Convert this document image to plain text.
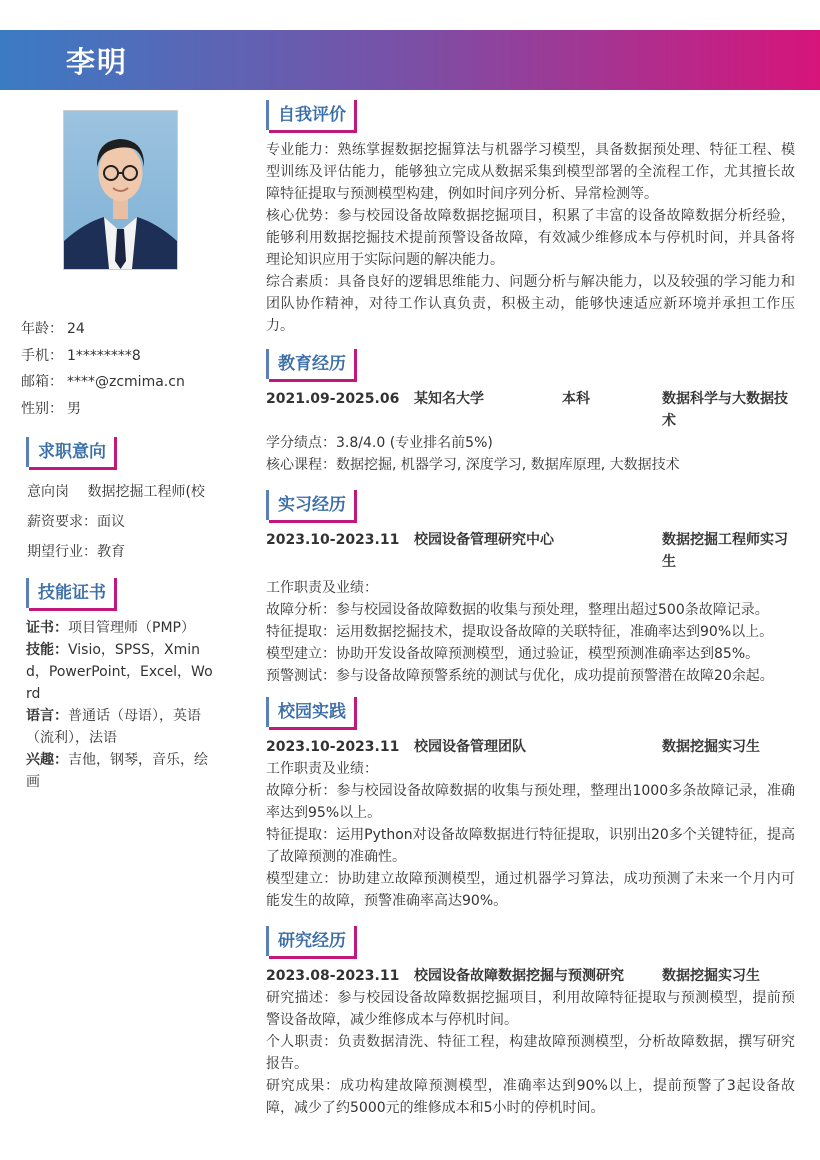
李明
年龄： 24
手机： 1********8
邮箱： ****@zcmima.cn
性别： 男
求职意向
意向岗　 数据挖掘工程师(校
薪资要求：面议
期望行业：教育
技能证书
证书：项目管理师（PMP）
技能：Visio，SPSS，Xmind，PowerPoint，Excel，Word
语言：普通话（母语），英语（流利），法语
兴趣：吉他，钢琴，音乐，绘画
自我评价
专业能力：熟练掌握数据挖掘算法与机器学习模型，具备数据预处理、特征工程、模型训练及评估能力，能够独立完成从数据采集到模型部署的全流程工作，尤其擅长故障特征提取与预测模型构建，例如时间序列分析、异常检测等。
核心优势：参与校园设备故障数据挖掘项目，积累了丰富的设备故障数据分析经验，能够利用数据挖掘技术提前预警设备故障，有效减少维修成本与停机时间，并具备将理论知识应用于实际问题的解决能力。
综合素质：具备良好的逻辑思维能力、问题分析与解决能力，以及较强的学习能力和团队协作精神，对待工作认真负责，积极主动，能够快速适应新环境并承担工作压力。
教育经历
2021.09-2025.06 某知名大学	本科	数据科学与大数据技术
学分绩点：3.8/4.0 (专业排名前5%)
核心课程：数据挖掘, 机器学习, 深度学习, 数据库原理, 大数据技术
实习经历
2023.10-2023.11 校园设备管理研究中心	数据挖掘工程师实习生
工作职责及业绩：
故障分析：参与校园设备故障数据的收集与预处理，整理出超过500条故障记录。
特征提取：运用数据挖掘技术，提取设备故障的关联特征，准确率达到90%以上。
模型建立：协助开发设备故障预测模型，通过验证，模型预测准确率达到85%。
预警测试：参与设备故障预警系统的测试与优化，成功提前预警潜在故障20余起。
校园实践
2023.10-2023.11 校园设备管理团队	数据挖掘实习生
工作职责及业绩：
故障分析：参与校园设备故障数据的收集与预处理，整理出1000多条故障记录，准确率达到95%以上。
特征提取：运用Python对设备故障数据进行特征提取，识别出20多个关键特征，提高了故障预测的准确性。
模型建立：协助建立故障预测模型，通过机器学习算法，成功预测了未来一个月内可能发生的故障，预警准确率高达90%。
研究经历
2023.08-2023.11 校园设备故障数据挖掘与预测研究	数据挖掘实习生
研究描述：参与校园设备故障数据挖掘项目，利用故障特征提取与预测模型，提前预警设备故障，减少维修成本与停机时间。
个人职责：负责数据清洗、特征工程，构建故障预测模型，分析故障数据，撰写研究报告。
研究成果：成功构建故障预测模型，准确率达到90%以上，提前预警了3起设备故障，减少了约5000元的维修成本和5小时的停机时间。
